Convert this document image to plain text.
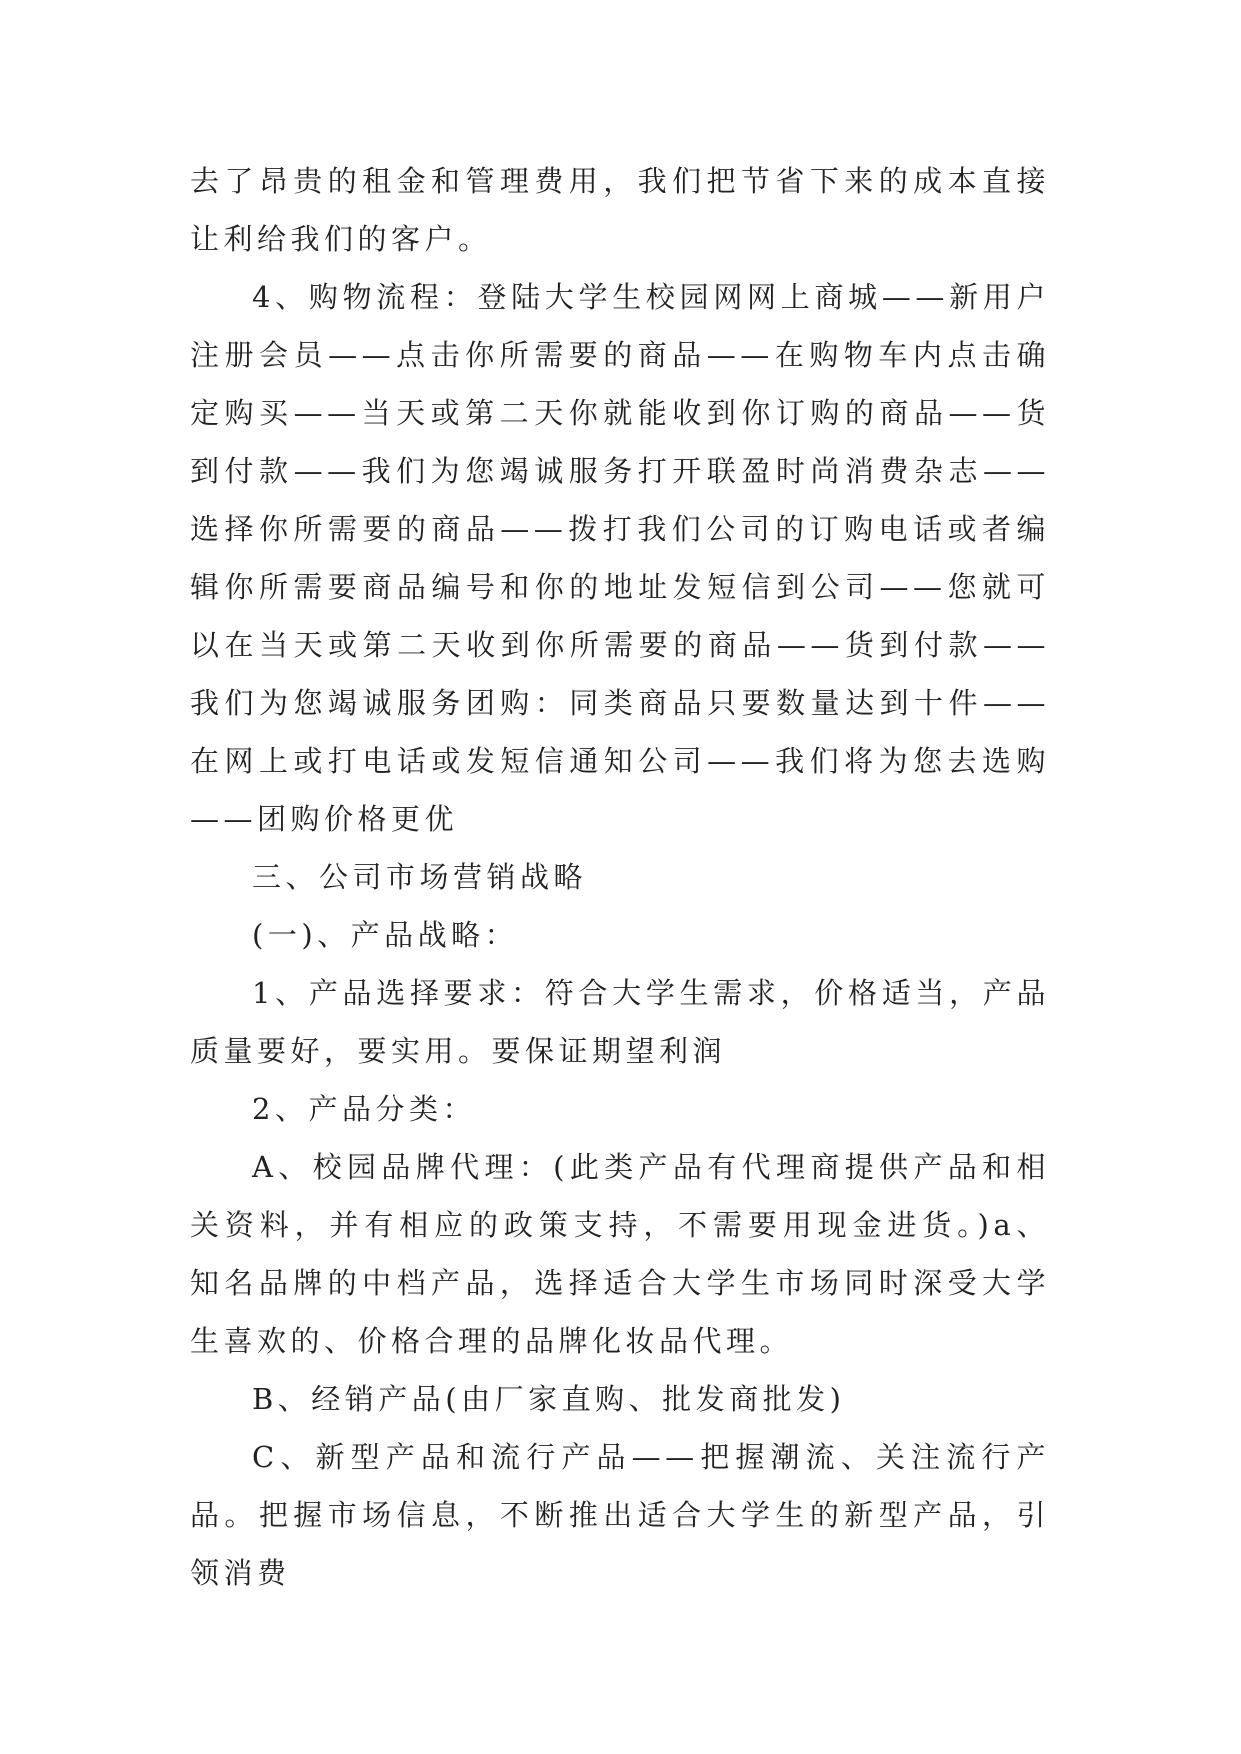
去了昂贵的租金和管理费用，我们把节省下来的成本直接让利给我们的客户。

4、购物流程：登陆大学生校园网网上商城——新用户注册会员——点击你所需要的商品——在购物车内点击确定购买——当天或第二天你就能收到你订购的商品——货到付款——我们为您竭诚服务打开联盈时尚消费杂志——选择你所需要的商品——拨打我们公司的订购电话或者编辑你所需要商品编号和你的地址发短信到公司——您就可以在当天或第二天收到你所需要的商品——货到付款——我们为您竭诚服务团购：同类商品只要数量达到十件——在网上或打电话或发短信通知公司——我们将为您去选购——团购价格更优

三、公司市场营销战略

(一)、产品战略：

1、产品选择要求：符合大学生需求，价格适当，产品质量要好，要实用。要保证期望利润

2、产品分类：

A、校园品牌代理：(此类产品有代理商提供产品和相关资料，并有相应的政策支持，不需要用现金进货。)a、知名品牌的中档产品，选择适合大学生市场同时深受大学生喜欢的、价格合理的品牌化妆品代理。

B、经销产品(由厂家直购、批发商批发)

C、新型产品和流行产品——把握潮流、关注流行产品。把握市场信息，不断推出适合大学生的新型产品，引领消费
